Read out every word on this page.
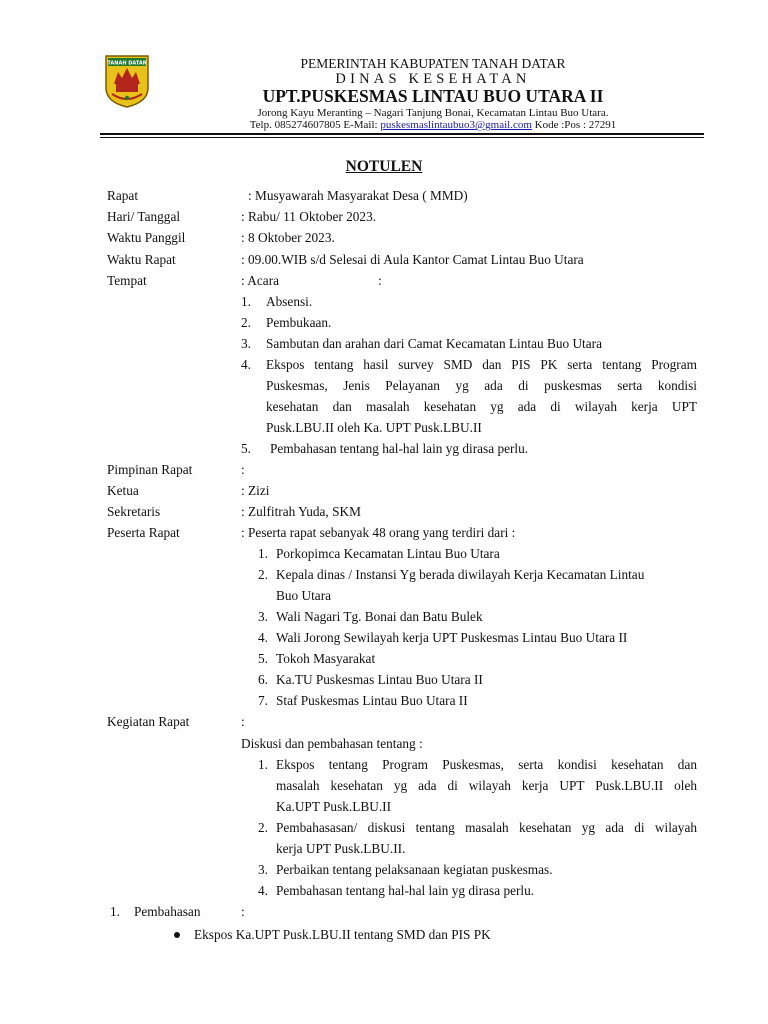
TANAH DATAR	PEMERINTAH KABUPATEN TANAH DATAR
DINAS KESEHATAN
UPT.PUSKESMAS LINTAU BUO UTARA II
Jorong Kayu Meranting – Nagari Tanjung Bonai, Kecamatan Lintau Buo Utara.
Telp. 085274607805 E-Mail: puskesmaslintaubuo3@gmail.com Kode :Pos : 27291
NOTULEN
Rapat	: Musyawarah Masyarakat Desa ( MMD)
Hari/ Tanggal	: Rabu/ 11 Oktober 2023.
Waktu Panggil	: 8 Oktober 2023.
Waktu Rapat	: 09.00.WIB s/d Selesai di Aula Kantor Camat Lintau Buo Utara
Tempat	: Acara	:
1. Absensi.
2. Pembukaan.
3. Sambutan dan arahan dari Camat Kecamatan Lintau Buo Utara
4. Ekspos tentang hasil survey SMD dan PIS PK serta tentang Program
Puskesmas, Jenis Pelayanan yg ada di puskesmas serta kondisi
kesehatan dan masalah kesehatan yg ada di wilayah kerja UPT
Pusk.LBU.II oleh Ka. UPT Pusk.LBU.II
5. Pembahasan tentang hal-hal lain yg dirasa perlu.
Pimpinan Rapat	:
Ketua	: Zizi
Sekretaris	: Zulfitrah Yuda, SKM
Peserta Rapat	: Peserta rapat sebanyak 48 orang yang terdiri dari :
1. Porkopimca Kecamatan Lintau Buo Utara
2. Kepala dinas / Instansi Yg berada diwilayah Kerja Kecamatan Lintau
Buo Utara
3. Wali Nagari Tg. Bonai dan Batu Bulek
4. Wali Jorong Sewilayah kerja UPT Puskesmas Lintau Buo Utara II
5. Tokoh Masyarakat
6. Ka.TU Puskesmas Lintau Buo Utara II
7. Staf Puskesmas Lintau Buo Utara II
Kegiatan Rapat	:
Diskusi dan pembahasan tentang :
1. Ekspos tentang Program Puskesmas, serta kondisi kesehatan dan
masalah kesehatan yg ada di wilayah kerja UPT Pusk.LBU.II oleh
Ka.UPT Pusk.LBU.II
2. Pembahasasan/ diskusi tentang masalah kesehatan yg ada di wilayah
kerja UPT Pusk.LBU.II.
3. Perbaikan tentang pelaksanaan kegiatan puskesmas.
4. Pembahasan tentang hal-hal lain yg dirasa perlu.
1. Pembahasan	:
Ekspos Ka.UPT Pusk.LBU.II tentang SMD dan PIS PK
